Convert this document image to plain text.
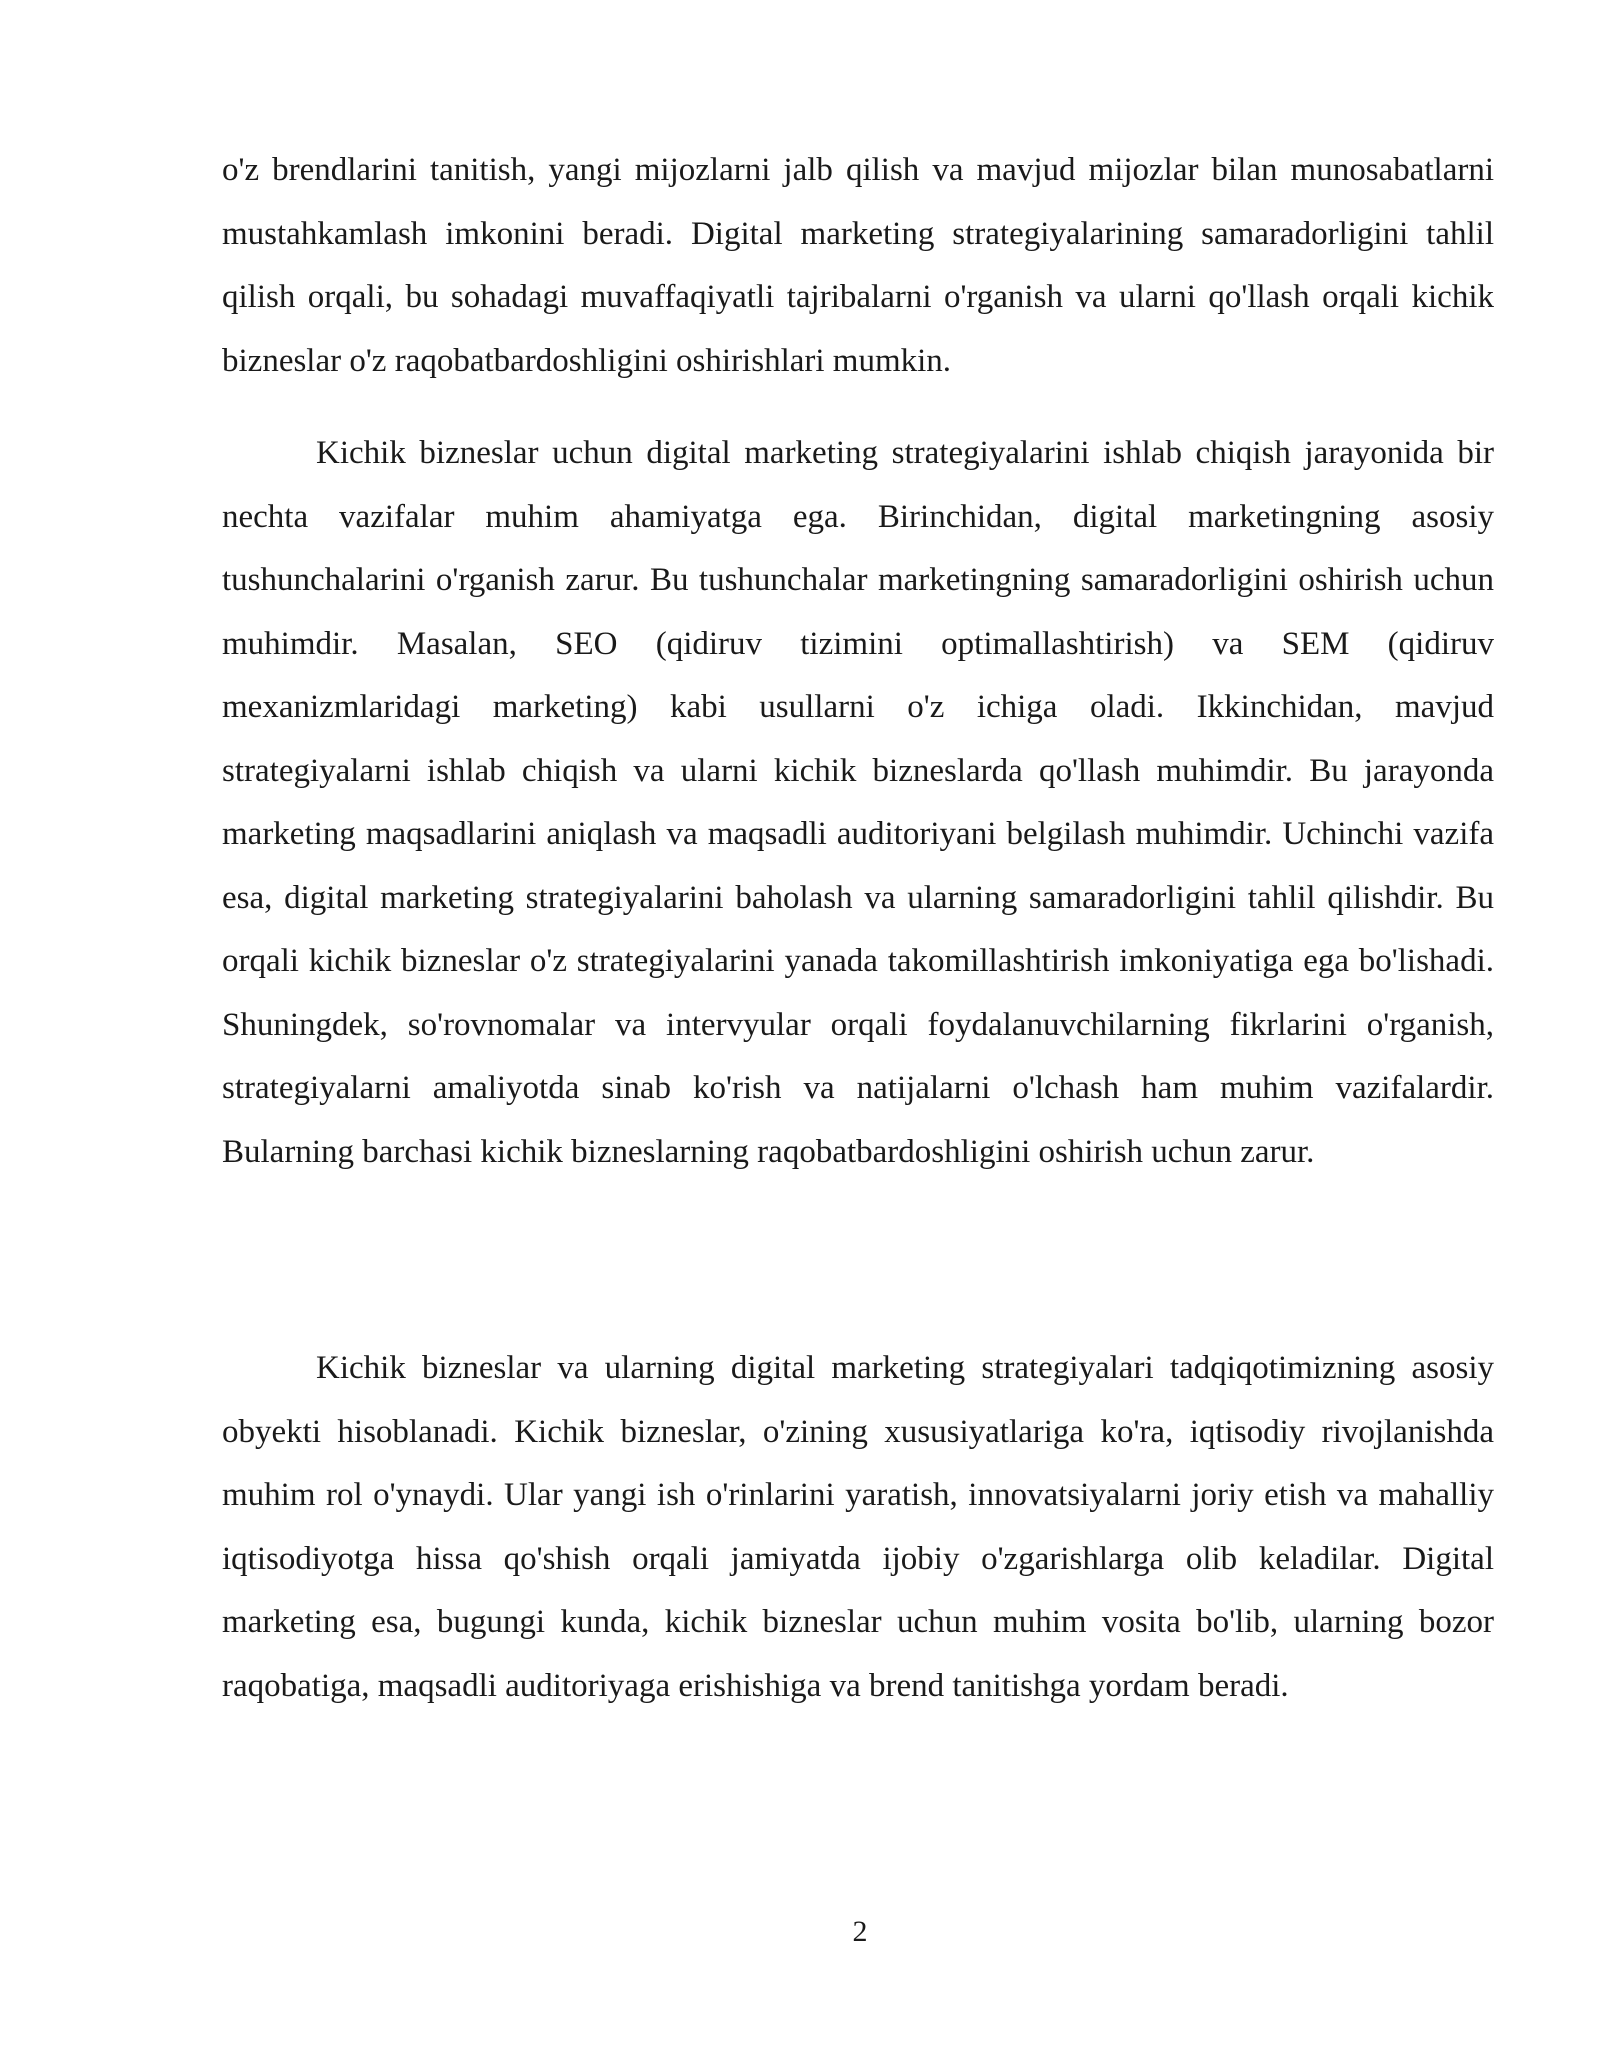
o'z brendlarini tanitish, yangi mijozlarni jalb qilish va mavjud mijozlar bilan munosabatlarni mustahkamlash imkonini beradi. Digital marketing strategiyalarining samaradorligini tahlil qilish orqali, bu sohadagi muvaffaqiyatli tajribalarni o'rganish va ularni qo'llash orqali kichik bizneslar o'z raqobatbardoshligini oshirishlari mumkin.

Kichik bizneslar uchun digital marketing strategiyalarini ishlab chiqish jarayonida bir nechta vazifalar muhim ahamiyatga ega. Birinchidan, digital marketingning asosiy tushunchalarini o'rganish zarur. Bu tushunchalar marketingning samaradorligini oshirish uchun muhimdir. Masalan, SEO (qidiruv tizimini optimallashtirish) va SEM (qidiruv mexanizmlaridagi marketing) kabi usullarni o'z ichiga oladi. Ikkinchidan, mavjud strategiyalarni ishlab chiqish va ularni kichik bizneslarda qo'llash muhimdir. Bu jarayonda marketing maqsadlarini aniqlash va maqsadli auditoriyani belgilash muhimdir. Uchinchi vazifa esa, digital marketing strategiyalarini baholash va ularning samaradorligini tahlil qilishdir. Bu orqali kichik bizneslar o'z strategiyalarini yanada takomillashtirish imkoniyatiga ega bo'lishadi. Shuningdek, so'rovnomalar va intervyular orqali foydalanuvchilarning fikrlarini o'rganish, strategiyalarni amaliyotda sinab ko'rish va natijalarni o'lchash ham muhim vazifalardir. Bularning barchasi kichik bizneslarning raqobatbardoshligini oshirish uchun zarur.

Kichik bizneslar va ularning digital marketing strategiyalari tadqiqotimizning asosiy obyekti hisoblanadi. Kichik bizneslar, o'zining xususiyatlariga ko'ra, iqtisodiy rivojlanishda muhim rol o'ynaydi. Ular yangi ish o'rinlarini yaratish, innovatsiyalarni joriy etish va mahalliy iqtisodiyotga hissa qo'shish orqali jamiyatda ijobiy o'zgarishlarga olib keladilar. Digital marketing esa, bugungi kunda, kichik bizneslar uchun muhim vosita bo'lib, ularning bozor raqobatiga, maqsadli auditoriyaga erishishiga va brend tanitishga yordam beradi.

2
